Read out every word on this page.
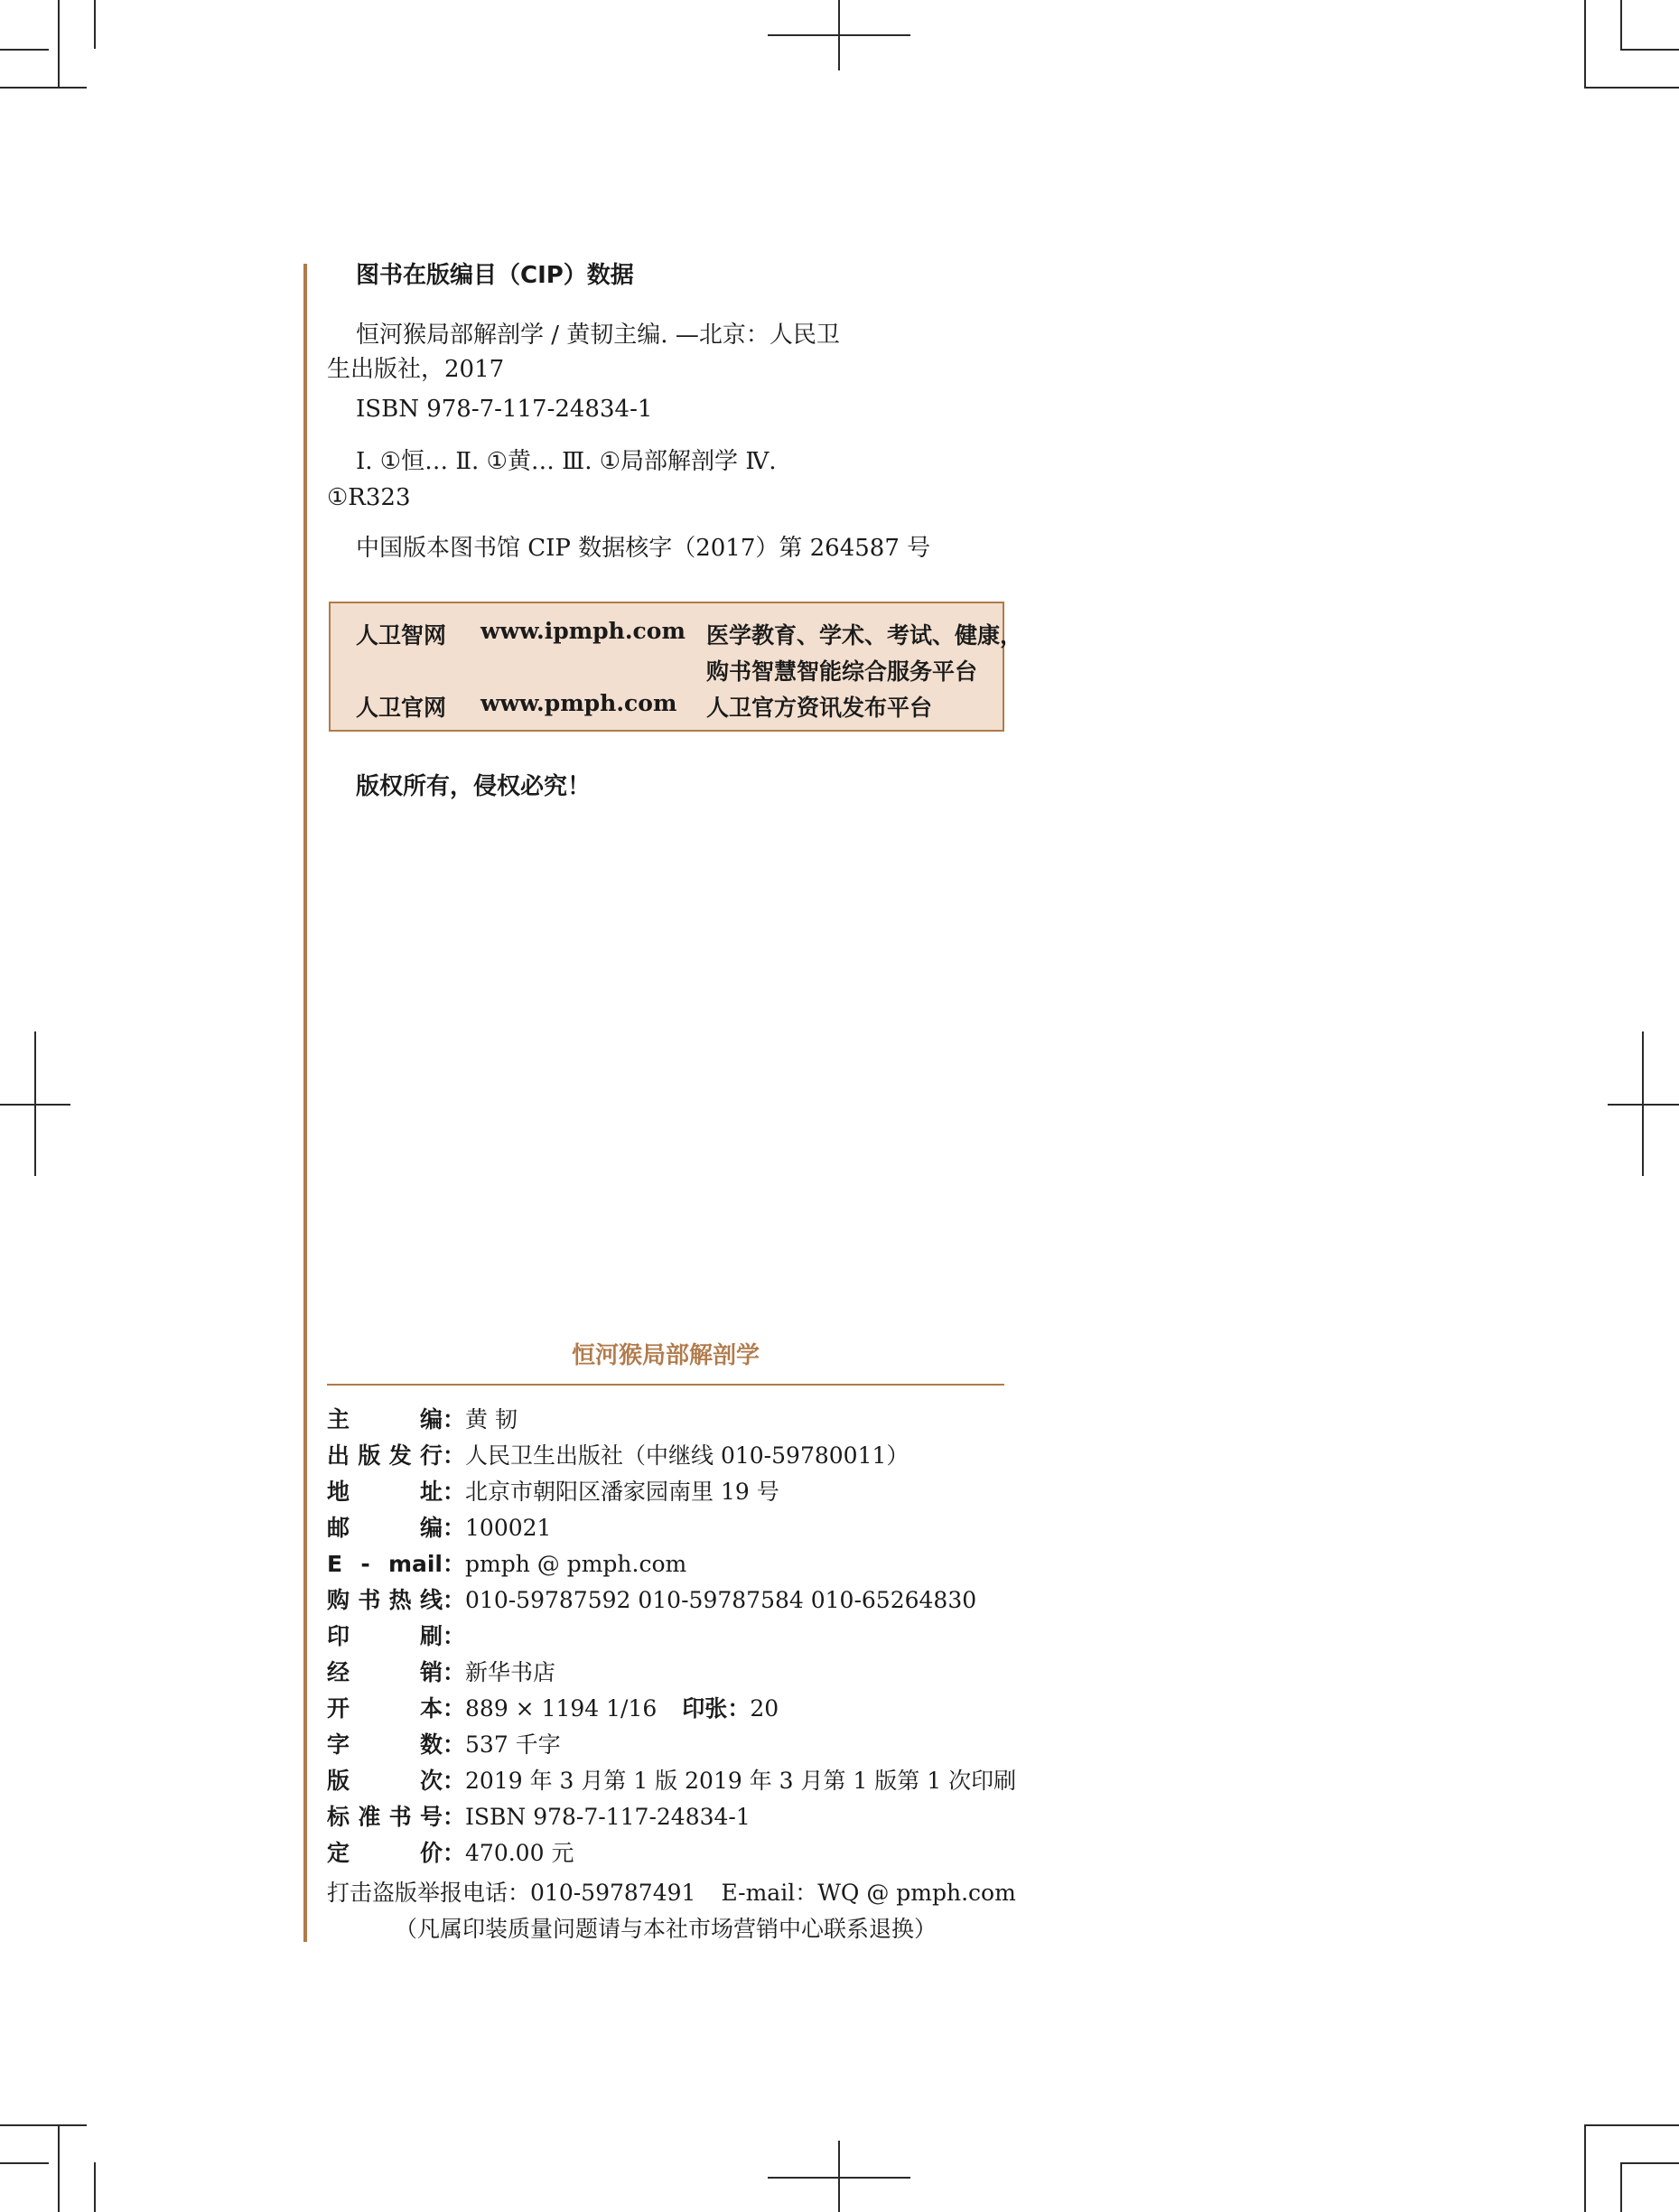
图书在版编目（CIP）数据
恒河猴局部解剖学 / 黄韧主编. —北京：人民卫
生出版社，2017
ISBN 978-7-117-24834-1
Ⅰ. ①恒… Ⅱ. ①黄… Ⅲ. ①局部解剖学 Ⅳ.
①R323
中国版本图书馆 CIP 数据核字（2017）第 264587 号
人卫智网 www.ipmph.com 医学教育、学术、考试、健康，
购书智慧智能综合服务平台
人卫官网 www.pmph.com 人卫官方资讯发布平台
版权所有，侵权必究！
恒河猴局部解剖学
主编：黄 韧
出版发行：人民卫生出版社（中继线 010-59780011）
地址：北京市朝阳区潘家园南里 19 号
邮编：100021
E - mail：pmph @ pmph.com
购书热线：010-59787592 010-59787584 010-65264830
印刷：
经销：新华书店
开本：889 × 1194 1/16 印张：20
字数：537 千字
版次：2019 年 3 月第 1 版 2019 年 3 月第 1 版第 1 次印刷
标准书号：ISBN 978-7-117-24834-1
定价：470.00 元
打击盗版举报电话：010-59787491 E-mail：WQ @ pmph.com
（凡属印装质量问题请与本社市场营销中心联系退换）
